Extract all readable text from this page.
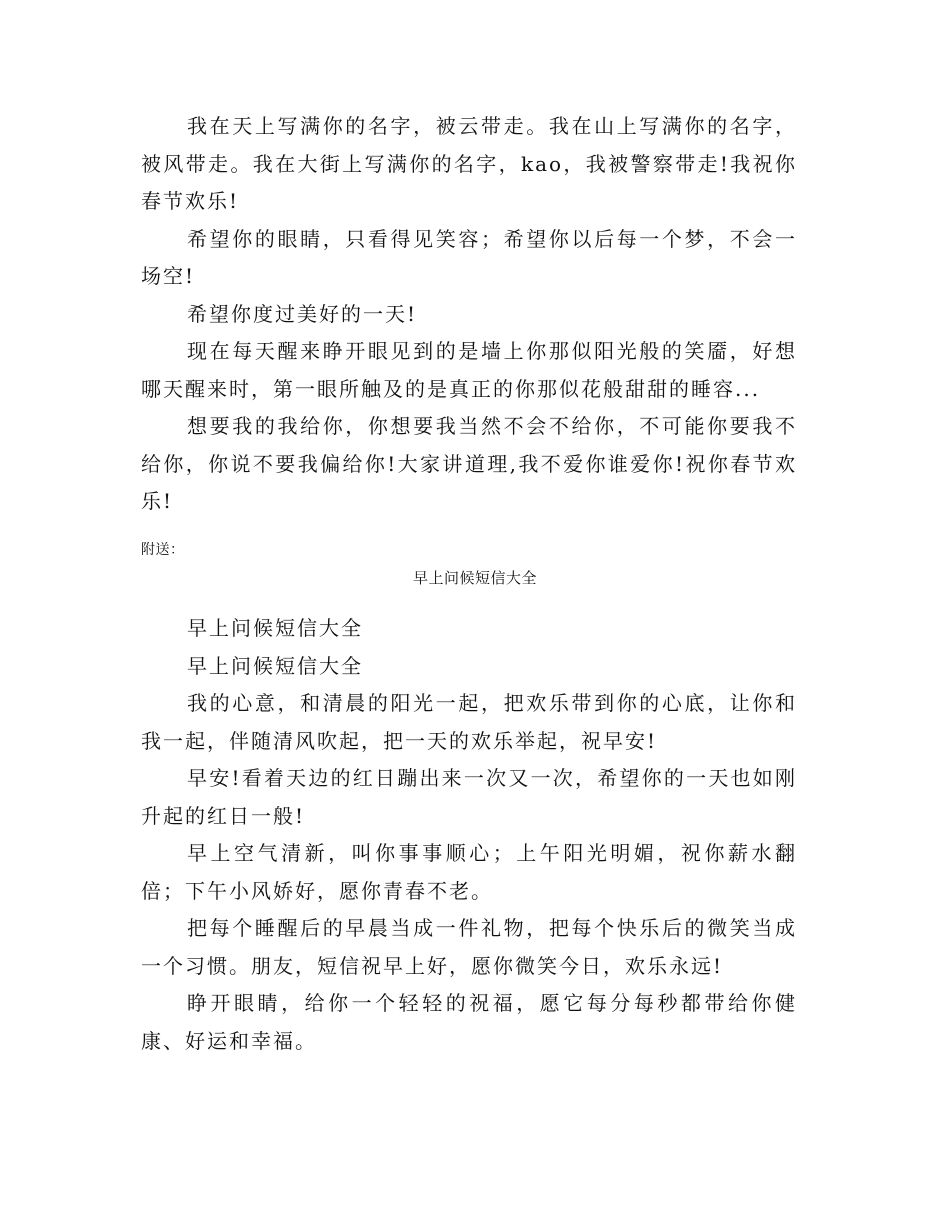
我在天上写满你的名字，被云带走。我在山上写满你的名字，被风带走。我在大街上写满你的名字，kao，我被警察带走!我祝你春节欢乐!

希望你的眼睛，只看得见笑容；希望你以后每一个梦，不会一场空!

希望你度过美好的一天!

现在每天醒来睁开眼见到的是墙上你那似阳光般的笑靥，好想哪天醒来时，第一眼所触及的是真正的你那似花般甜甜的睡容...

想要我的我给你，你想要我当然不会不给你，不可能你要我不给你，你说不要我偏给你!大家讲道理,我不爱你谁爱你!祝你春节欢乐!

附送：
早上问候短信大全

早上问候短信大全

早上问候短信大全

我的心意，和清晨的阳光一起，把欢乐带到你的心底，让你和我一起，伴随清风吹起，把一天的欢乐举起，祝早安!

早安!看着天边的红日蹦出来一次又一次，希望你的一天也如刚升起的红日一般!

早上空气清新，叫你事事顺心；上午阳光明媚，祝你薪水翻倍；下午小风娇好，愿你青春不老。

把每个睡醒后的早晨当成一件礼物，把每个快乐后的微笑当成一个习惯。朋友，短信祝早上好，愿你微笑今日，欢乐永远!

睁开眼睛，给你一个轻轻的祝福，愿它每分每秒都带给你健康、好运和幸福。
